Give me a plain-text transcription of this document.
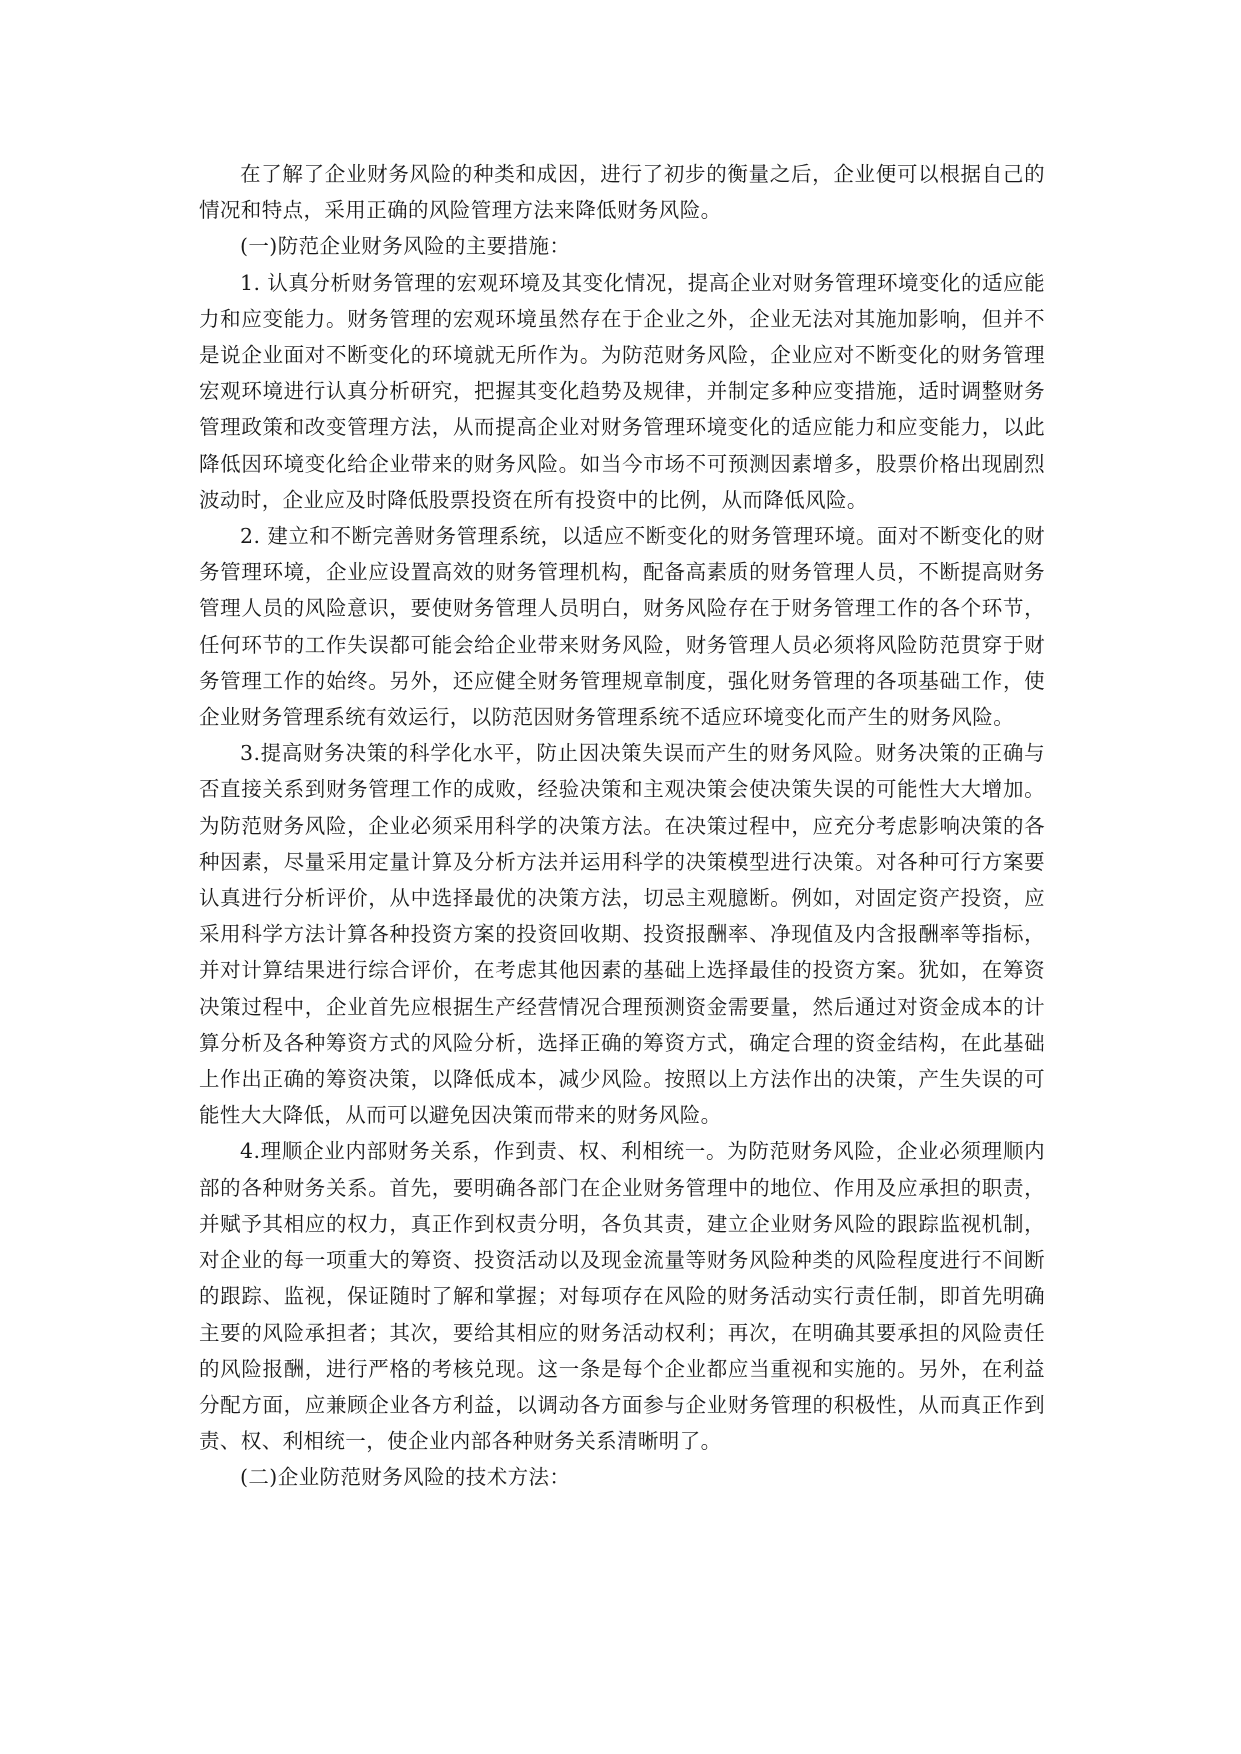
在了解了企业财务风险的种类和成因，进行了初步的衡量之后，企业便可以根据自己的情况和特点，采用正确的风险管理方法来降低财务风险。

(一)防范企业财务风险的主要措施：

1. 认真分析财务管理的宏观环境及其变化情况，提高企业对财务管理环境变化的适应能力和应变能力。财务管理的宏观环境虽然存在于企业之外，企业无法对其施加影响，但并不是说企业面对不断变化的环境就无所作为。为防范财务风险，企业应对不断变化的财务管理宏观环境进行认真分析研究，把握其变化趋势及规律，并制定多种应变措施，适时调整财务管理政策和改变管理方法，从而提高企业对财务管理环境变化的适应能力和应变能力，以此降低因环境变化给企业带来的财务风险。如当今市场不可预测因素增多，股票价格出现剧烈波动时，企业应及时降低股票投资在所有投资中的比例，从而降低风险。

2. 建立和不断完善财务管理系统，以适应不断变化的财务管理环境。面对不断变化的财务管理环境，企业应设置高效的财务管理机构，配备高素质的财务管理人员，不断提高财务管理人员的风险意识，要使财务管理人员明白，财务风险存在于财务管理工作的各个环节，任何环节的工作失误都可能会给企业带来财务风险，财务管理人员必须将风险防范贯穿于财务管理工作的始终。另外，还应健全财务管理规章制度，强化财务管理的各项基础工作，使企业财务管理系统有效运行，以防范因财务管理系统不适应环境变化而产生的财务风险。

3.提高财务决策的科学化水平，防止因决策失误而产生的财务风险。财务决策的正确与否直接关系到财务管理工作的成败，经验决策和主观决策会使决策失误的可能性大大增加。为防范财务风险，企业必须采用科学的决策方法。在决策过程中，应充分考虑影响决策的各种因素，尽量采用定量计算及分析方法并运用科学的决策模型进行决策。对各种可行方案要认真进行分析评价，从中选择最优的决策方法，切忌主观臆断。例如，对固定资产投资，应采用科学方法计算各种投资方案的投资回收期、投资报酬率、净现值及内含报酬率等指标，并对计算结果进行综合评价，在考虑其他因素的基础上选择最佳的投资方案。犹如，在筹资决策过程中，企业首先应根据生产经营情况合理预测资金需要量，然后通过对资金成本的计算分析及各种筹资方式的风险分析，选择正确的筹资方式，确定合理的资金结构，在此基础上作出正确的筹资决策，以降低成本，减少风险。按照以上方法作出的决策，产生失误的可能性大大降低，从而可以避免因决策而带来的财务风险。

4.理顺企业内部财务关系，作到责、权、利相统一。为防范财务风险，企业必须理顺内部的各种财务关系。首先，要明确各部门在企业财务管理中的地位、作用及应承担的职责，并赋予其相应的权力，真正作到权责分明，各负其责，建立企业财务风险的跟踪监视机制，对企业的每一项重大的筹资、投资活动以及现金流量等财务风险种类的风险程度进行不间断的跟踪、监视，保证随时了解和掌握；对每项存在风险的财务活动实行责任制，即首先明确主要的风险承担者；其次，要给其相应的财务活动权利；再次，在明确其要承担的风险责任的风险报酬，进行严格的考核兑现。这一条是每个企业都应当重视和实施的。另外，在利益分配方面，应兼顾企业各方利益，以调动各方面参与企业财务管理的积极性，从而真正作到责、权、利相统一，使企业内部各种财务关系清晰明了。

(二)企业防范财务风险的技术方法：
